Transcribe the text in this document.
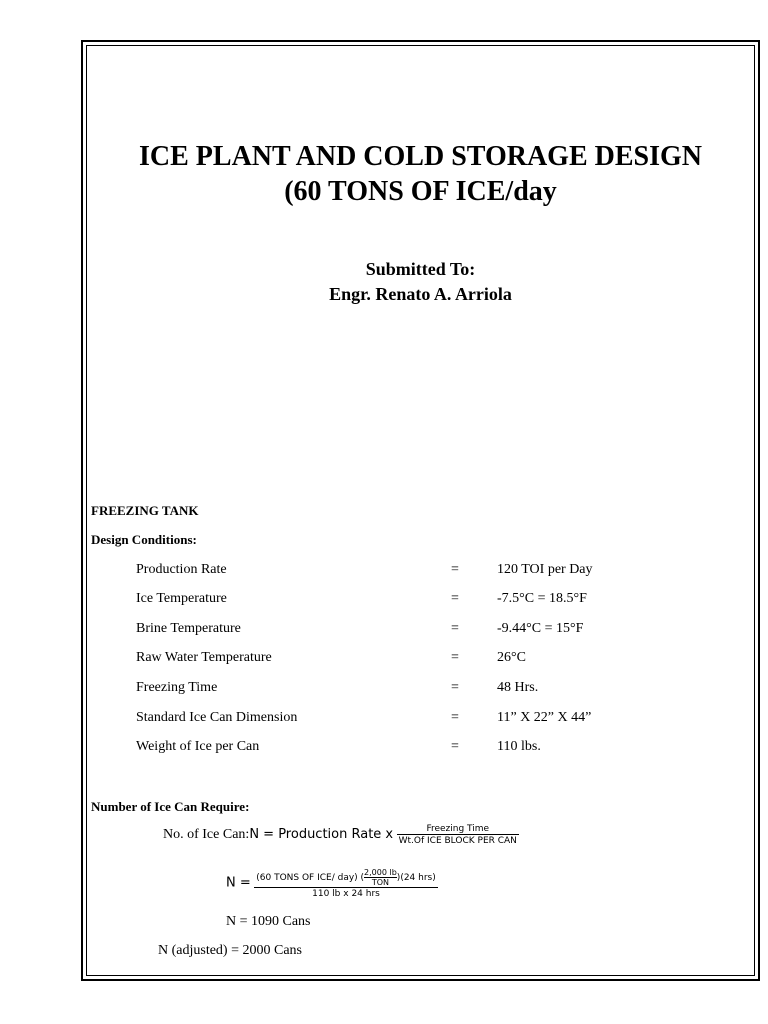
ICE PLANT AND COLD STORAGE DESIGN
(60 TONS OF ICE/day
Submitted To:
Engr. Renato A. Arriola
FREEZING TANK
Design Conditions:
Production Rate	=	120 TOI per Day
Ice Temperature	=	-7.5°C = 18.5°F
Brine Temperature	=	-9.44°C = 15°F
Raw Water Temperature	=	26°C
Freezing Time	=	48 Hrs.
Standard Ice Can Dimension	=	11” X 22” X 44”
Weight of Ice per Can	=	110 lbs.
Number of Ice Can Require:
No. of Ice Can:N = Production Rate x $\frac{\text{Freezing Time}}{\text{Wt.Of ICE BLOCK PER CAN}}$
N = (60 TONS OF ICE/ day) (
2,000 lb
TON )(24 hrs)
110 lb x 24 hrs
N = 1090 Cans
N (adjusted) = 2000 Cans
